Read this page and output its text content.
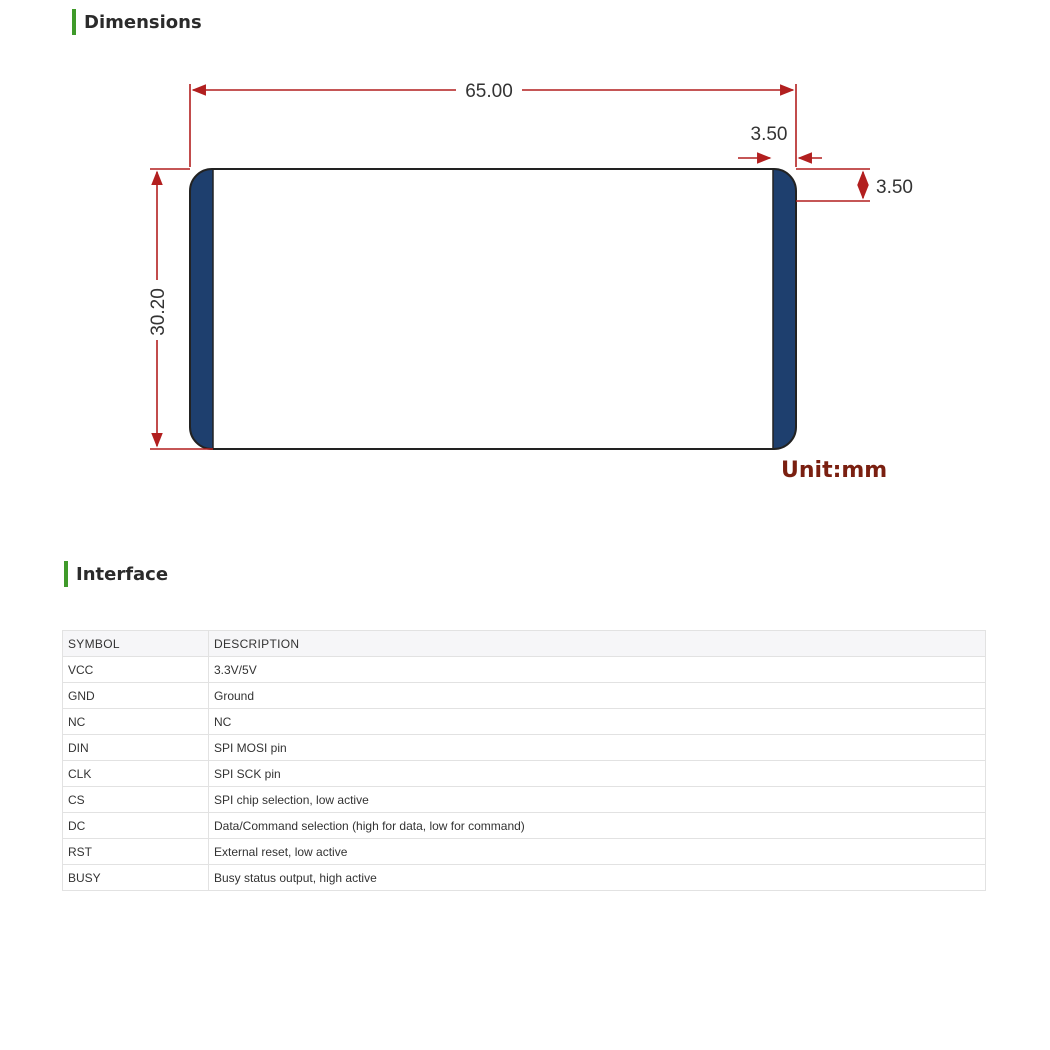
Dimensions
65.00
30.20
3.50
3.50
Unit:mm
Interface
SYMBOL	DESCRIPTION
VCC	3.3V/5V
GND	Ground
NC	NC
DIN	SPI MOSI pin
CLK	SPI SCK pin
CS	SPI chip selection, low active
DC	Data/Command selection (high for data, low for command)
RST	External reset, low active
BUSY	Busy status output, high active
